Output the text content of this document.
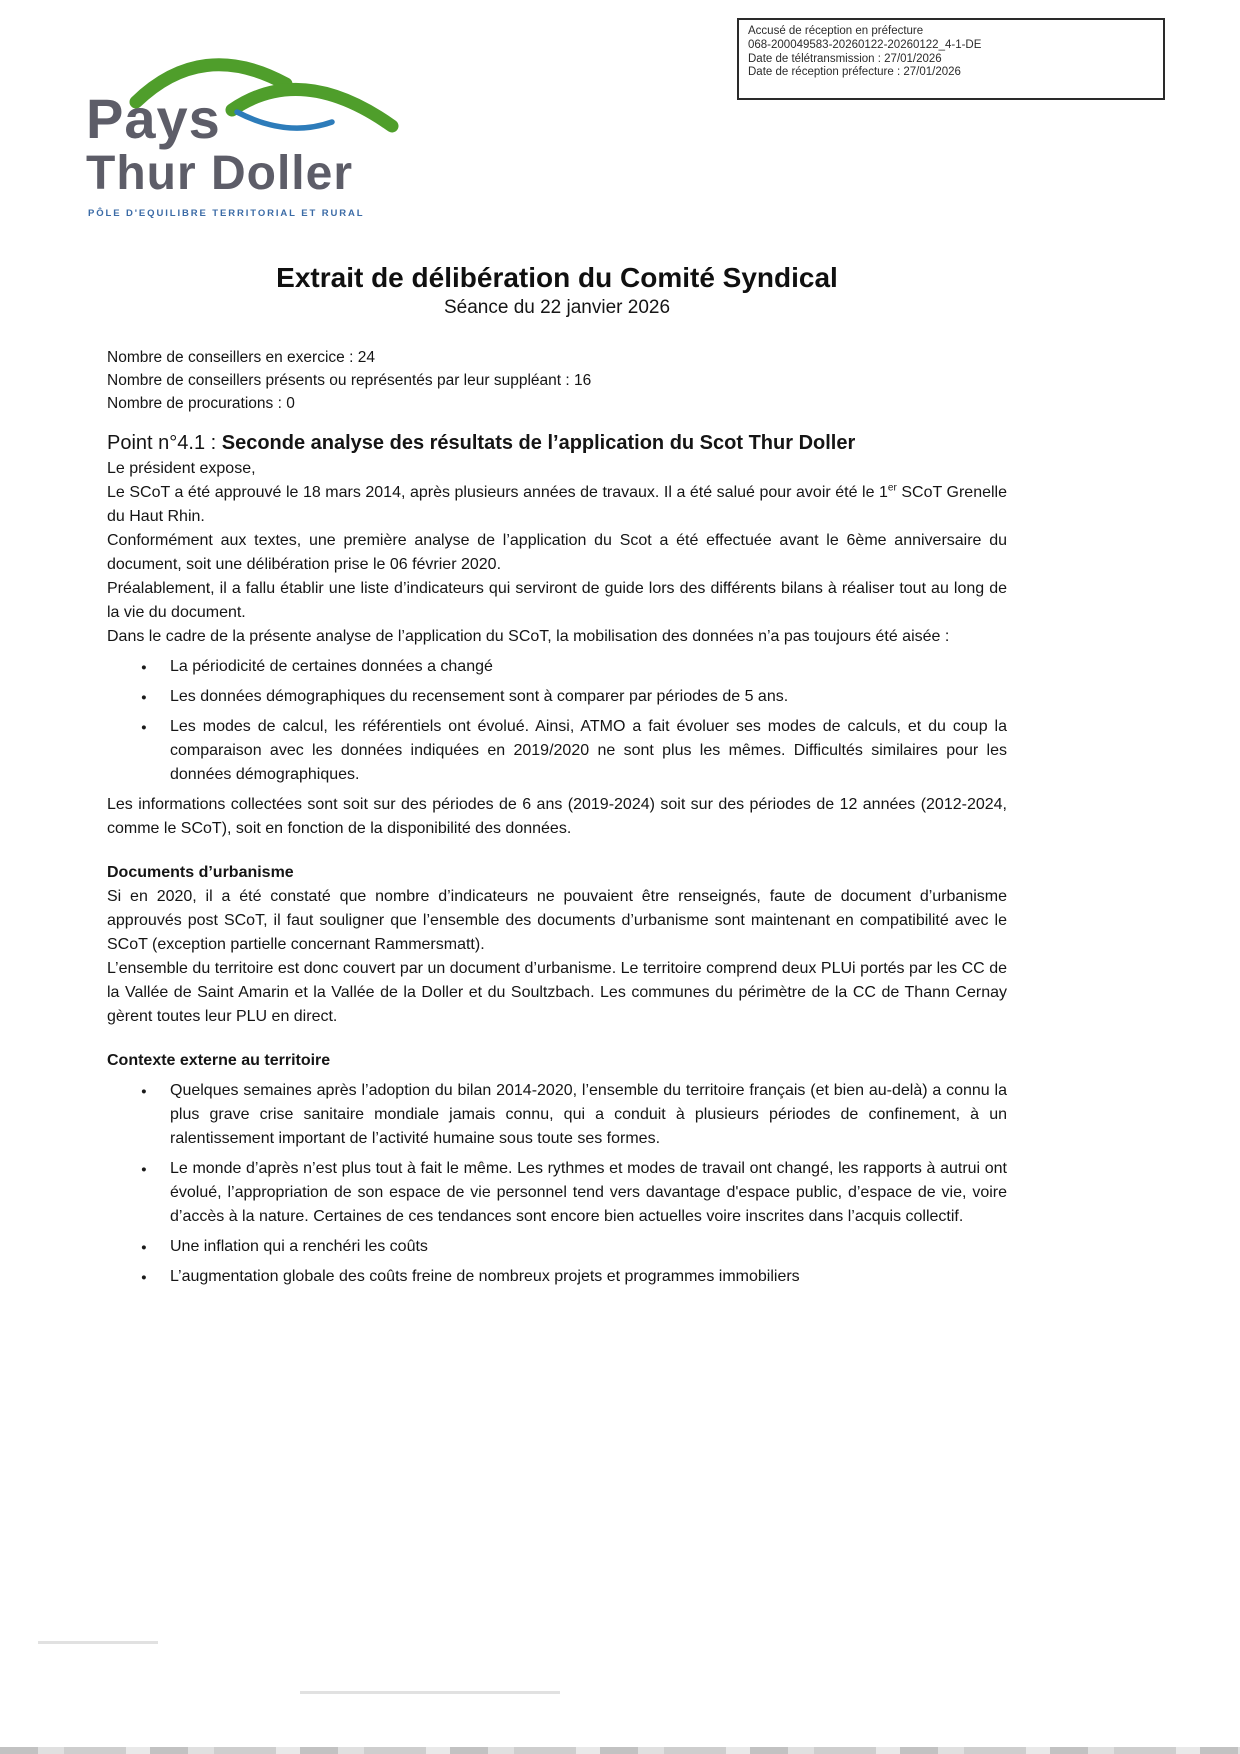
Accusé de réception en préfecture
068-200049583-20260122-20260122_4-1-DE
Date de télétransmission : 27/01/2026
Date de réception préfecture : 27/01/2026
Pays
Thur Doller
PÔLE D'EQUILIBRE TERRITORIAL ET RURAL
Extrait de délibération du Comité Syndical
Séance du 22 janvier 2026
Nombre de conseillers en exercice : 24
Nombre de conseillers présents ou représentés par leur suppléant : 16
Nombre de procurations : 0
Point n°4.1 : Seconde analyse des résultats de l’application du Scot Thur Doller

Le président expose,

Le SCoT a été approuvé le 18 mars 2014, après plusieurs années de travaux. Il a été salué pour avoir été le 1er SCoT Grenelle du Haut Rhin.

Conformément aux textes, une première analyse de l’application du Scot a été effectuée avant le 6ème anniversaire du document, soit une délibération prise le 06 février 2020.

Préalablement, il a fallu établir une liste d’indicateurs qui serviront de guide lors des différents bilans à réaliser tout au long de la vie du document.

Dans le cadre de la présente analyse de l’application du SCoT, la mobilisation des données n’a pas toujours été aisée :

● La périodicité de certaines données a changé
● Les données démographiques du recensement sont à comparer par périodes de 5 ans.
● Les modes de calcul, les référentiels ont évolué. Ainsi, ATMO a fait évoluer ses modes de calculs, et du coup la comparaison avec les données indiquées en 2019/2020 ne sont plus les mêmes. Difficultés similaires pour les données démographiques.

Les informations collectées sont soit sur des périodes de 6 ans (2019-2024) soit sur des périodes de 12 années (2012-2024, comme le SCoT), soit en fonction de la disponibilité des données.

Documents d’urbanisme

Si en 2020, il a été constaté que nombre d’indicateurs ne pouvaient être renseignés, faute de document d’urbanisme approuvés post SCoT, il faut souligner que l’ensemble des documents d’urbanisme sont maintenant en compatibilité avec le SCoT (exception partielle concernant Rammersmatt).

L’ensemble du territoire est donc couvert par un document d’urbanisme. Le territoire comprend deux PLUi portés par les CC de la Vallée de Saint Amarin et la Vallée de la Doller et du Soultzbach. Les communes du périmètre de la CC de Thann Cernay gèrent toutes leur PLU en direct.

Contexte externe au territoire
● Quelques semaines après l’adoption du bilan 2014-2020, l’ensemble du territoire français (et bien au-delà) a connu la plus grave crise sanitaire mondiale jamais connu, qui a conduit à plusieurs périodes de confinement, à un ralentissement important de l’activité humaine sous toute ses formes.
● Le monde d’après n’est plus tout à fait le même. Les rythmes et modes de travail ont changé, les rapports à autrui ont évolué, l’appropriation de son espace de vie personnel tend vers davantage d'espace public, d’espace de vie, voire d’accès à la nature. Certaines de ces tendances sont encore bien actuelles voire inscrites dans l’acquis collectif.
● Une inflation qui a renchéri les coûts
● L’augmentation globale des coûts freine de nombreux projets et programmes immobiliers
